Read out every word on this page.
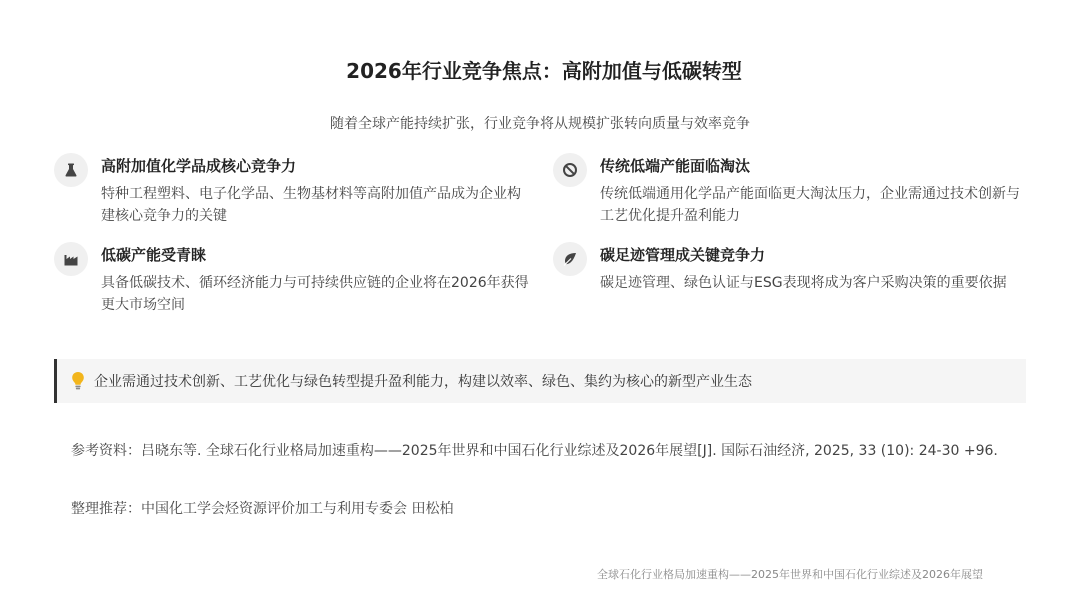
2026年行业竞争焦点：高附加值与低碳转型
随着全球产能持续扩张，行业竞争将从规模扩张转向质量与效率竞争
高附加值化学品成核心竞争力
特种工程塑料、电子化学品、生物基材料等高附加值产品成为企业构建核心竞争力的关键
传统低端产能面临淘汰
传统低端通用化学品产能面临更大淘汰压力，企业需通过技术创新与工艺优化提升盈利能力
低碳产能受青睐
具备低碳技术、循环经济能力与可持续供应链的企业将在2026年获得更大市场空间
碳足迹管理成关键竞争力
碳足迹管理、绿色认证与ESG表现将成为客户采购决策的重要依据
企业需通过技术创新、工艺优化与绿色转型提升盈利能力，构建以效率、绿色、集约为核心的新型产业生态
参考资料：吕晓东等. 全球石化行业格局加速重构——2025年世界和中国石化行业综述及2026年展望[J]. 国际石油经济, 2025, 33 (10): 24-30 +96.
整理推荐：中国化工学会烃资源评价加工与利用专委会 田松柏
全球石化行业格局加速重构——2025年世界和中国石化行业综述及2026年展望
